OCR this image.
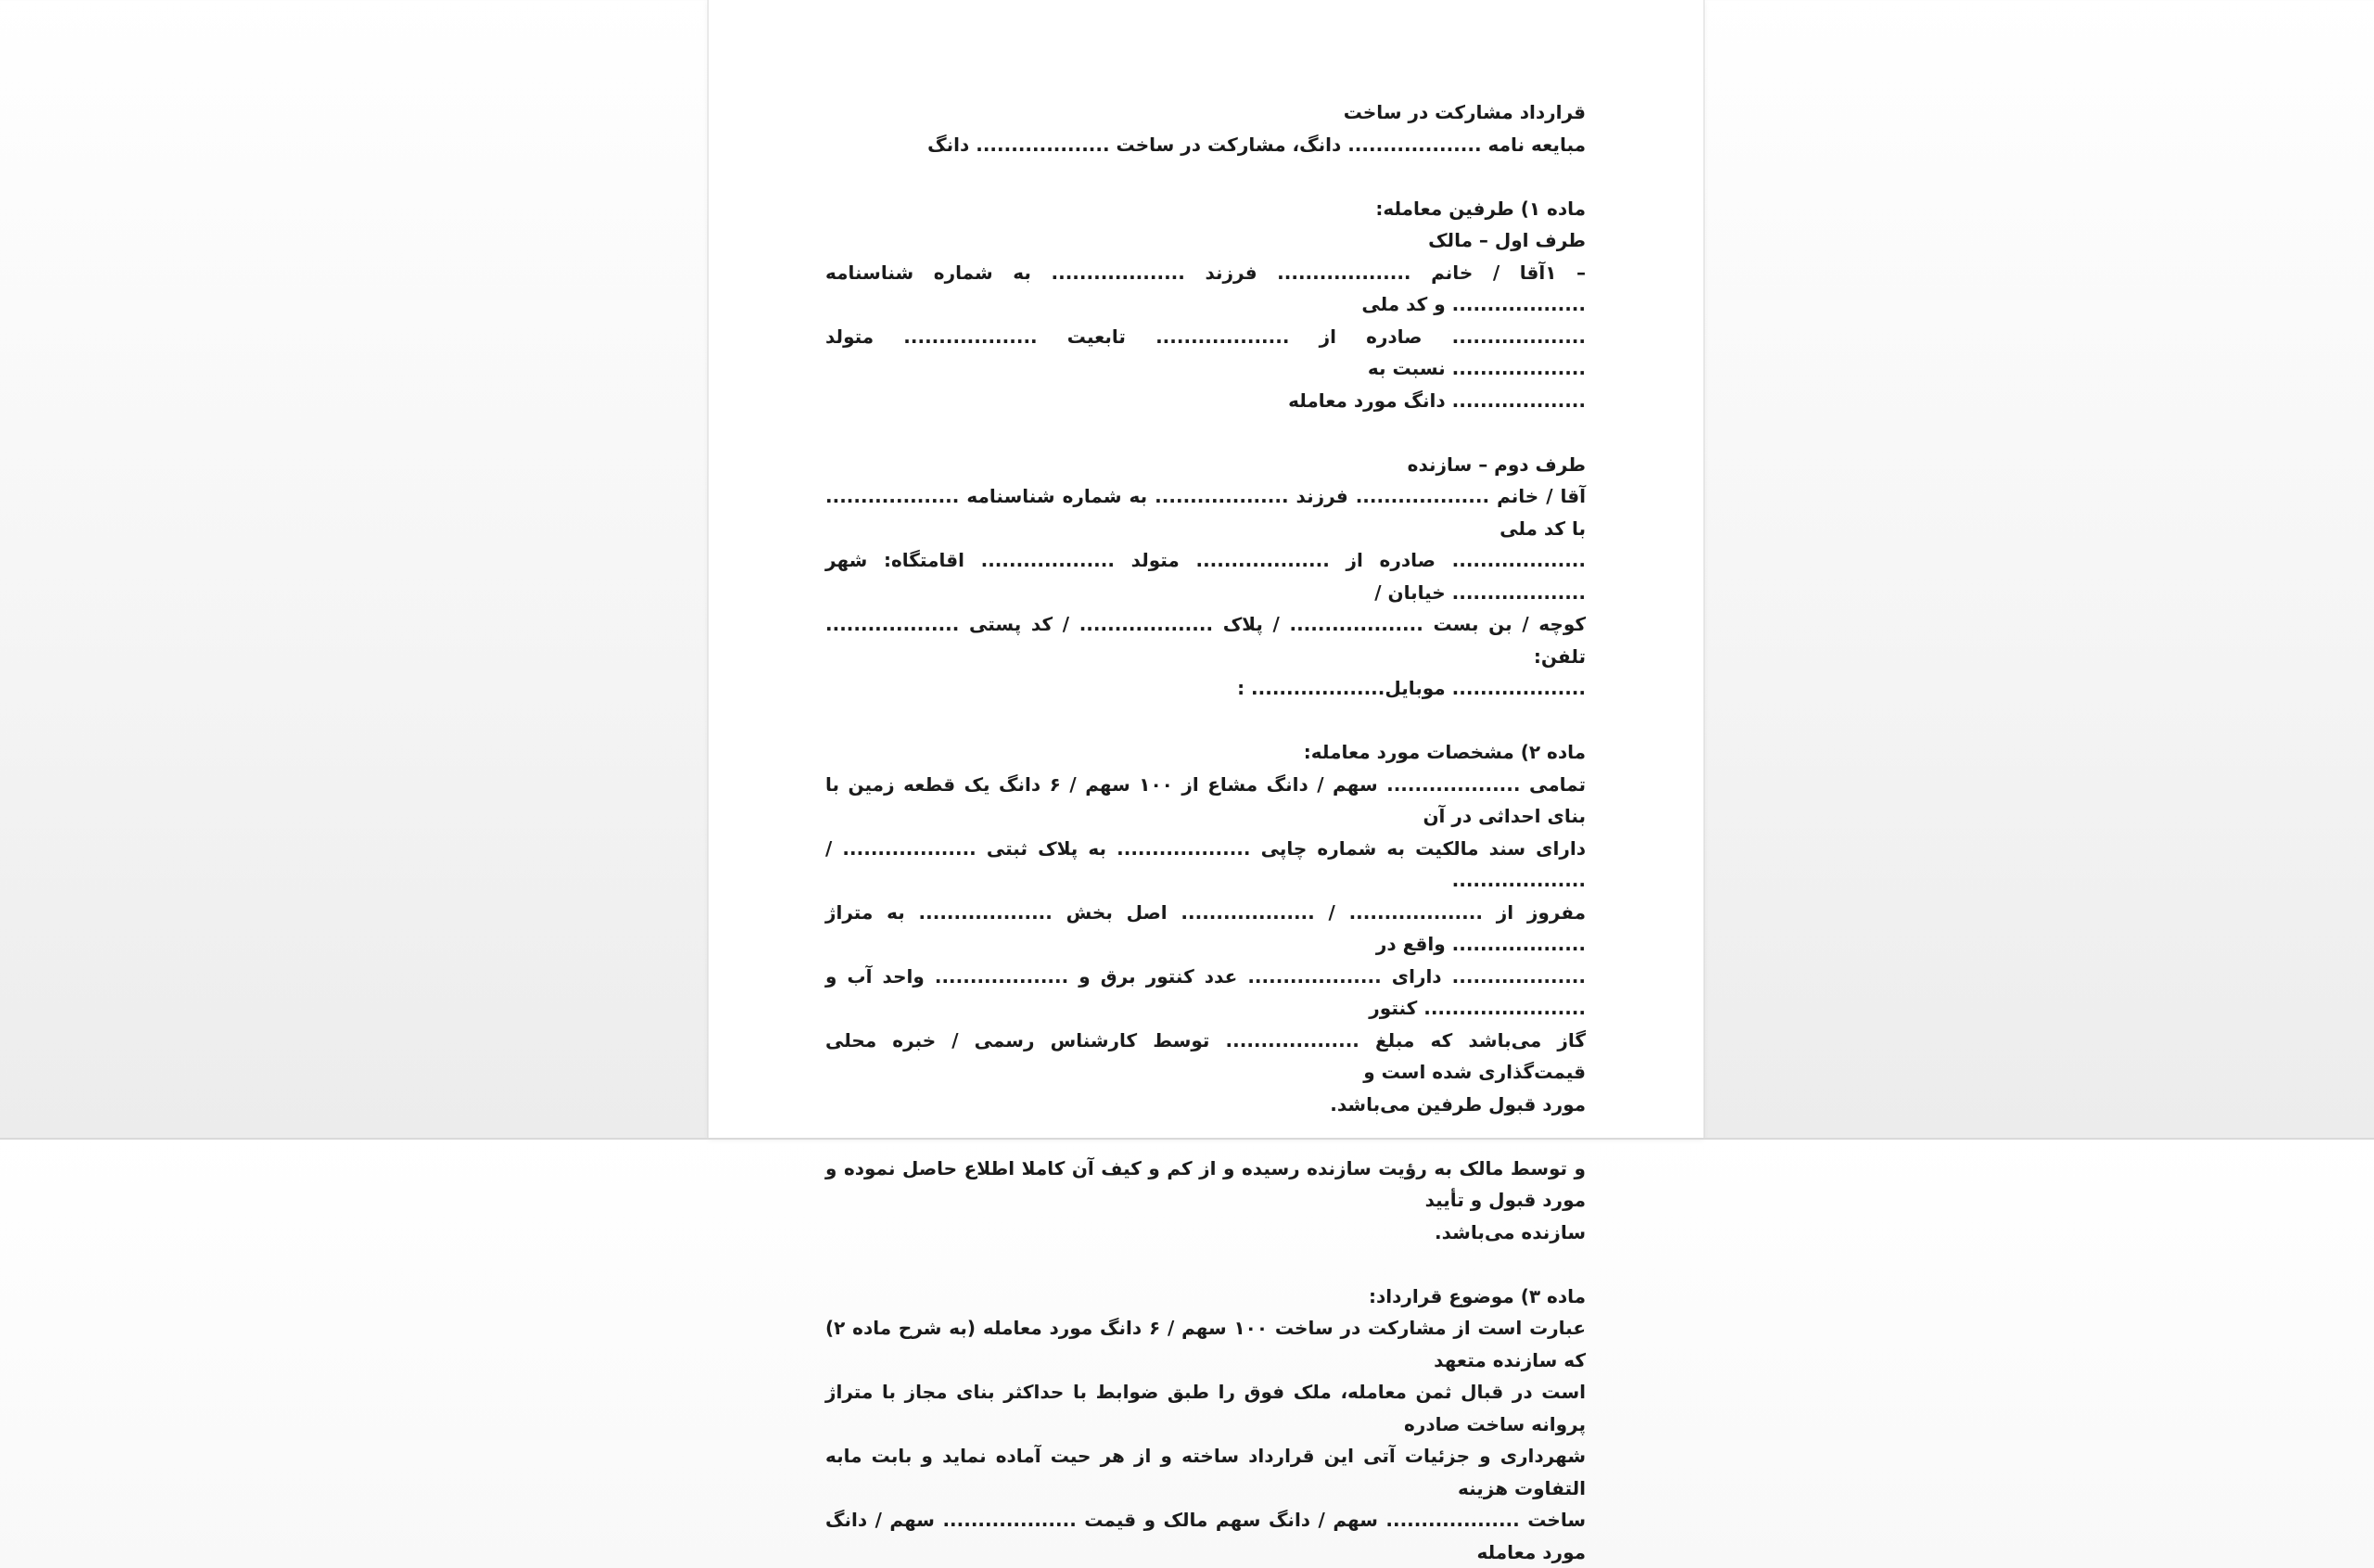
قرارداد مشارکت در ساخت

مبایعه نامه ................... دانگ، مشارکت در ساخت ................... دانگ

ماده ۱) طرفین معامله:

طرف اول – مالک

– ۱آقا / خانم ................... فرزند ................... به شماره شناسنامه ................... و کد ملی

................... صادره از ................... تابعیت ................... متولد ................... نسبت به

................... دانگ مورد معامله

طرف دوم – سازنده

آقا / خانم ................... فرزند ................... به شماره شناسنامه ................... با کد ملی

................... صادره از ................... متولد ................... اقامتگاه: شهر ................... خیابان /

کوچه / بن بست ................... / پلاک ................... / کد پستی ................... تلفن:

................... موبایل................... :

ماده ۲) مشخصات مورد معامله:

تمامی ................... سهم / دانگ مشاع از ۱۰۰ سهم / ۶ دانگ یک قطعه زمین با بنای احداثی در آن

دارای سند مالکیت به شماره چاپی ................... به پلاک ثبتی ................... / ...................

مفروز از ................... / ................... اصل بخش ................... به متراژ ................... واقع در

................... دارای ................... عدد کنتور برق و ................... واحد آب و ....................... کنتور

گاز می‌باشد که مبلغ ................... توسط کارشناس رسمی / خبره محلی قیمت‌گذاری شده است و

مورد قبول طرفین می‌باشد.

و توسط مالک به رؤیت سازنده رسیده و از کم و کیف آن کاملا اطلاع حاصل نموده و مورد قبول و تأیید

سازنده می‌باشد.

ماده ۳) موضوع قرارداد:

عبارت است از مشارکت در ساخت ۱۰۰ سهم / ۶ دانگ مورد معامله (به شرح ماده ۲) که سازنده متعهد

است در قبال ثمن معامله، ملک فوق را طبق ضوابط با حداکثر بنای مجاز با متراژ پروانه ساخت صادره

شهرداری و جزئیات آتی این قرارداد ساخته و از هر حیت آماده نماید و بابت مابه التفاوت هزینه

ساخت ................... سهم / دانگ سهم مالک و قیمت ................... سهم / دانگ مورد معامله
